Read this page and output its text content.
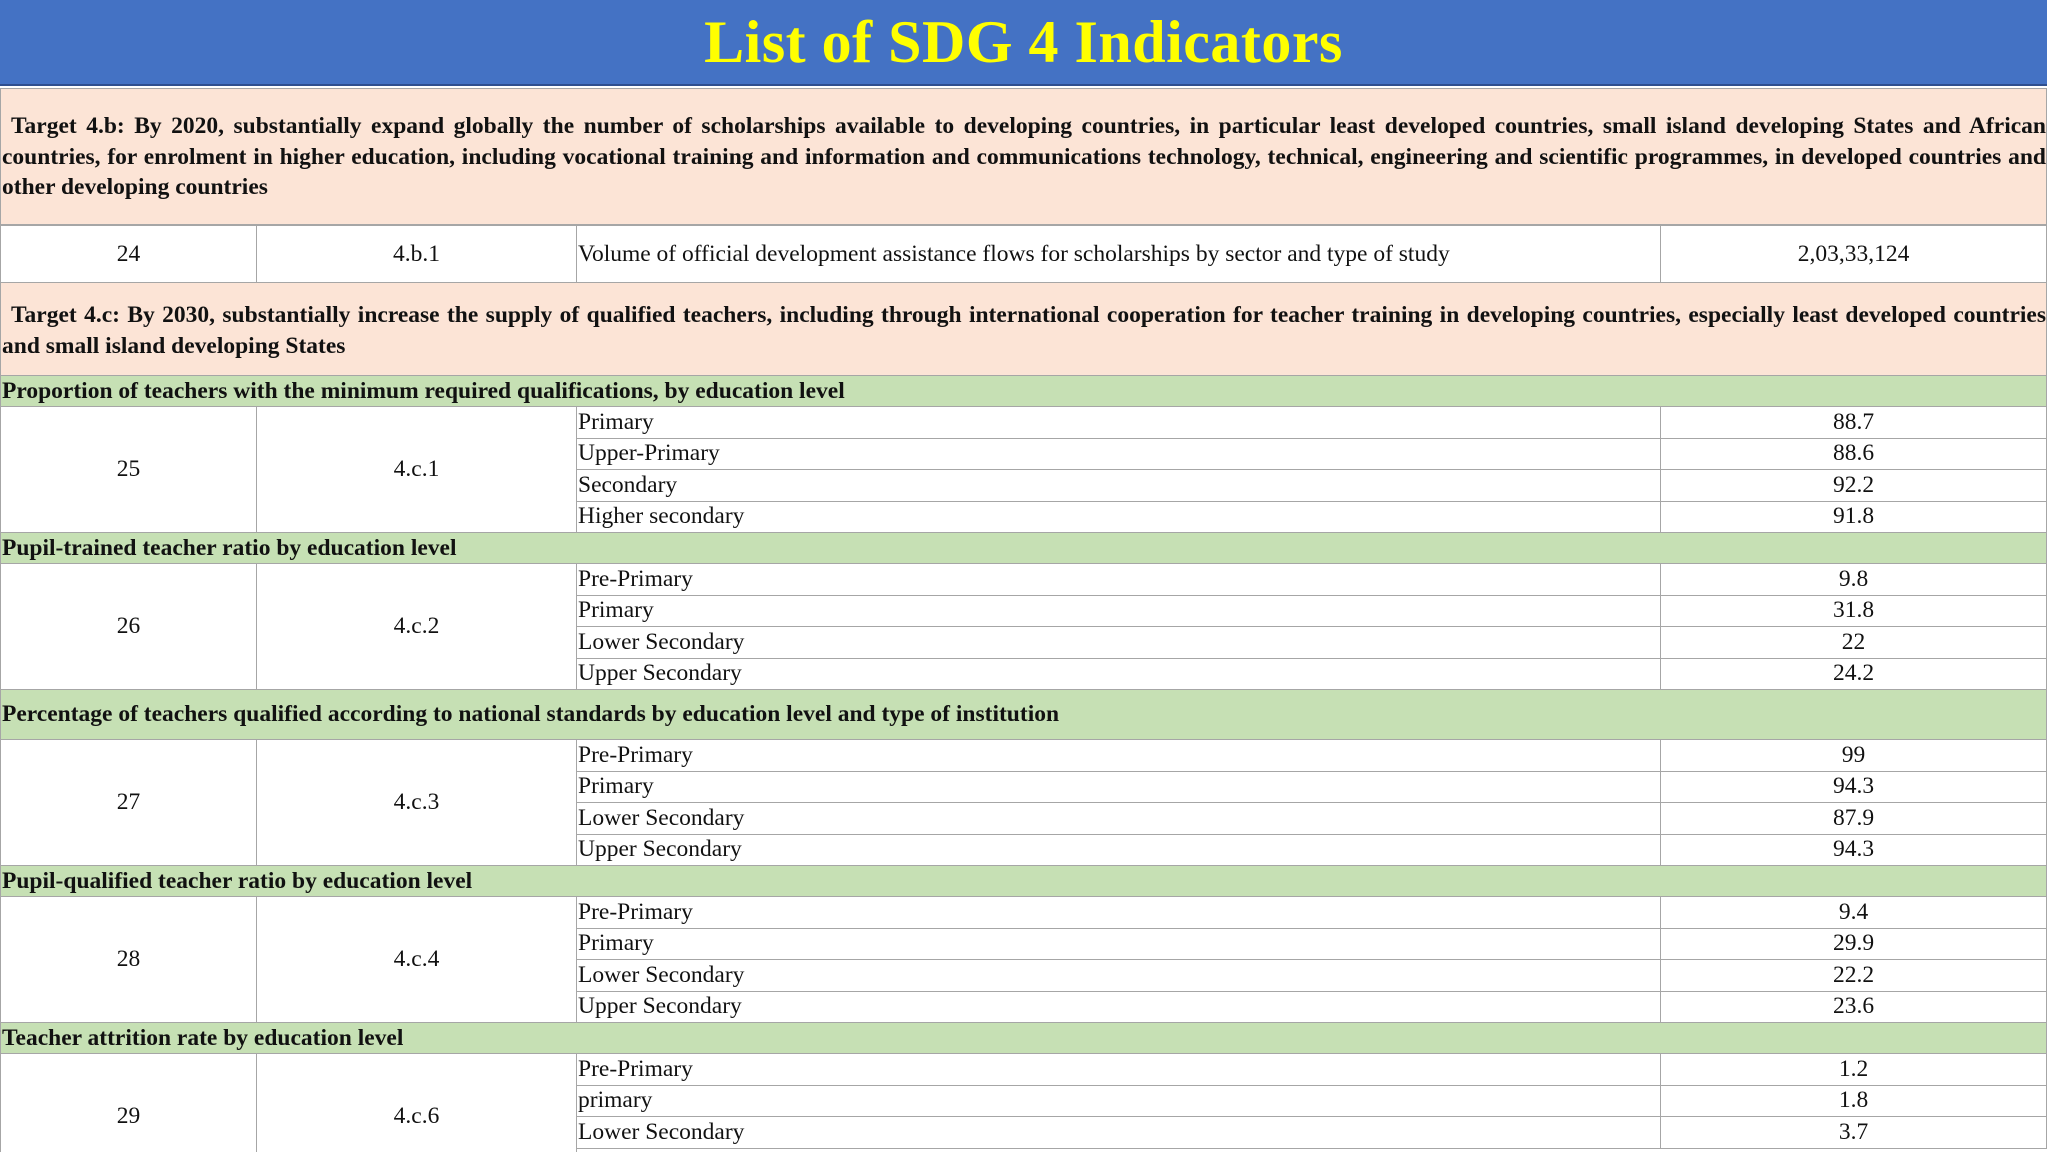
List of SDG 4 Indicators
Target 4.b: By 2020, substantially expand globally the number of scholarships available to developing countries, in particular least developed countries, small island developing States and African countries, for enrolment in higher education, including vocational training and information and communications technology, technical, engineering and scientific programmes, in developed countries and other developing countries
24	4.b.1	Volume of official development assistance flows for scholarships by sector and type of study	2,03,33,124
Target 4.c: By 2030, substantially increase the supply of qualified teachers, including through international cooperation for teacher training in developing countries, especially least developed countries and small island developing States
Proportion of teachers with the minimum required qualifications, by education level
25	4.c.1
Primary	88.7
Upper-Primary	88.6
Secondary	92.2
Higher secondary	91.8
Pupil-trained teacher ratio by education level
26	4.c.2
Pre-Primary	9.8
Primary	31.8
Lower Secondary	22
Upper Secondary	24.2
Percentage of teachers qualified according to national standards by education level and type of institution
27	4.c.3
Pre-Primary	99
Primary	94.3
Lower Secondary	87.9
Upper Secondary	94.3
Pupil-qualified teacher ratio by education level
28	4.c.4
Pre-Primary	9.4
Primary	29.9
Lower Secondary	22.2
Upper Secondary	23.6
Teacher attrition rate by education level
29	4.c.6
Pre-Primary	1.2
primary	1.8
Lower Secondary	3.7
